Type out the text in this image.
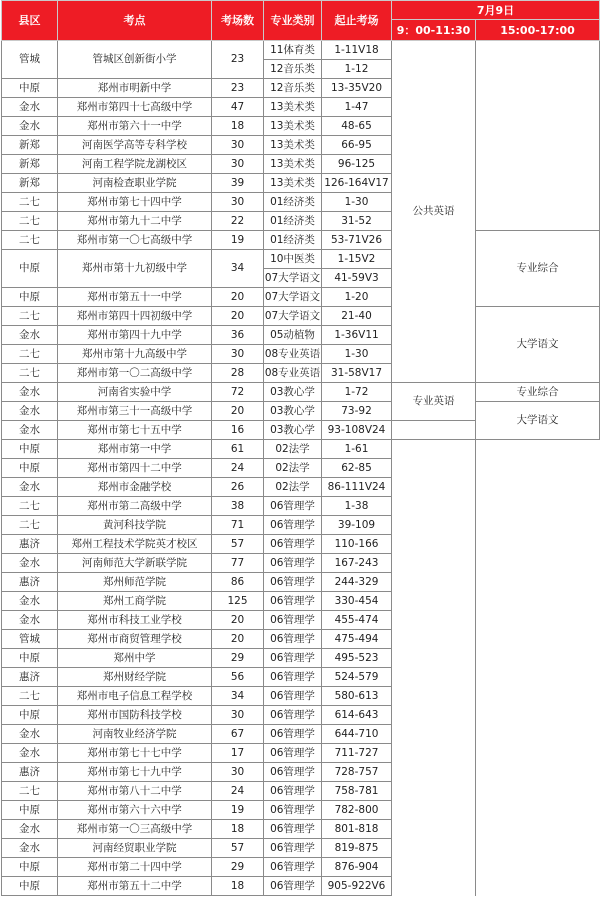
县区	考点	考场数	专业类别	起止考场	7月9日	
					9：00-11:30	15:00-17:00
管城	管城区创新街小学	23	11体育类	1-11V18	公共英语	
			12音乐类	1-12		
中原	郑州市明新中学	23	12音乐类	13-35V20		
金水	郑州市第四十七高级中学	47	13美术类	1-47		
金水	郑州市第六十一中学	18	13美术类	48-65		
新郑	河南医学高等专科学校	30	13美术类	66-95		
新郑	河南工程学院龙湖校区	30	13美术类	96-125		
新郑	河南检查职业学院	39	13美术类	126-164V17		
二七	郑州市第七十四中学	30	01经济类	1-30		
二七	郑州市第九十二中学	22	01经济类	31-52		
二七	郑州市第一〇七高级中学	19	01经济类	53-71V26		专业综合
中原	郑州市第十九初级中学	34	10中医类	1-15V2		
			07大学语文	41-59V3		
中原	郑州市第五十一中学	20	07大学语文	1-20		
二七	郑州市第四十四初级中学	20	07大学语文	21-40		大学语文
金水	郑州市第四十九中学	36	05动植物	1-36V11		
二七	郑州市第十九高级中学	30	08专业英语	1-30		
二七	郑州市第一〇二高级中学	28	08专业英语	31-58V17		
金水	河南省实验中学	72	03教心学	1-72	专业英语	专业综合
金水	郑州市第三十一高级中学	20	03教心学	73-92		大学语文
金水	郑州市第七十五中学	16	03教心学	93-108V24		
中原	郑州市第一中学	61	02法学	1-61		
中原	郑州市第四十二中学	24	02法学	62-85		
金水	郑州市金融学校	26	02法学	86-111V24		
二七	郑州市第二高级中学	38	06管理学	1-38		
二七	黄河科技学院	71	06管理学	39-109		
惠济	郑州工程技术学院英才校区	57	06管理学	110-166		
金水	河南师范大学新联学院	77	06管理学	167-243		
惠济	郑州师范学院	86	06管理学	244-329		
金水	郑州工商学院	125	06管理学	330-454		
金水	郑州市科技工业学校	20	06管理学	455-474		
管城	郑州市商贸管理学校	20	06管理学	475-494		
中原	郑州中学	29	06管理学	495-523		
惠济	郑州财经学院	56	06管理学	524-579		
二七	郑州市电子信息工程学校	34	06管理学	580-613		
中原	郑州市国防科技学校	30	06管理学	614-643		
金水	河南牧业经济学院	67	06管理学	644-710		
金水	郑州市第七十七中学	17	06管理学	711-727		
惠济	郑州市第七十九中学	30	06管理学	728-757		
二七	郑州市第八十二中学	24	06管理学	758-781		
中原	郑州市第六十六中学	19	06管理学	782-800		
金水	郑州市第一〇三高级中学	18	06管理学	801-818		
金水	河南经贸职业学院	57	06管理学	819-875		
中原	郑州市第二十四中学	29	06管理学	876-904		
中原	郑州市第五十二中学	18	06管理学	905-922V6		
